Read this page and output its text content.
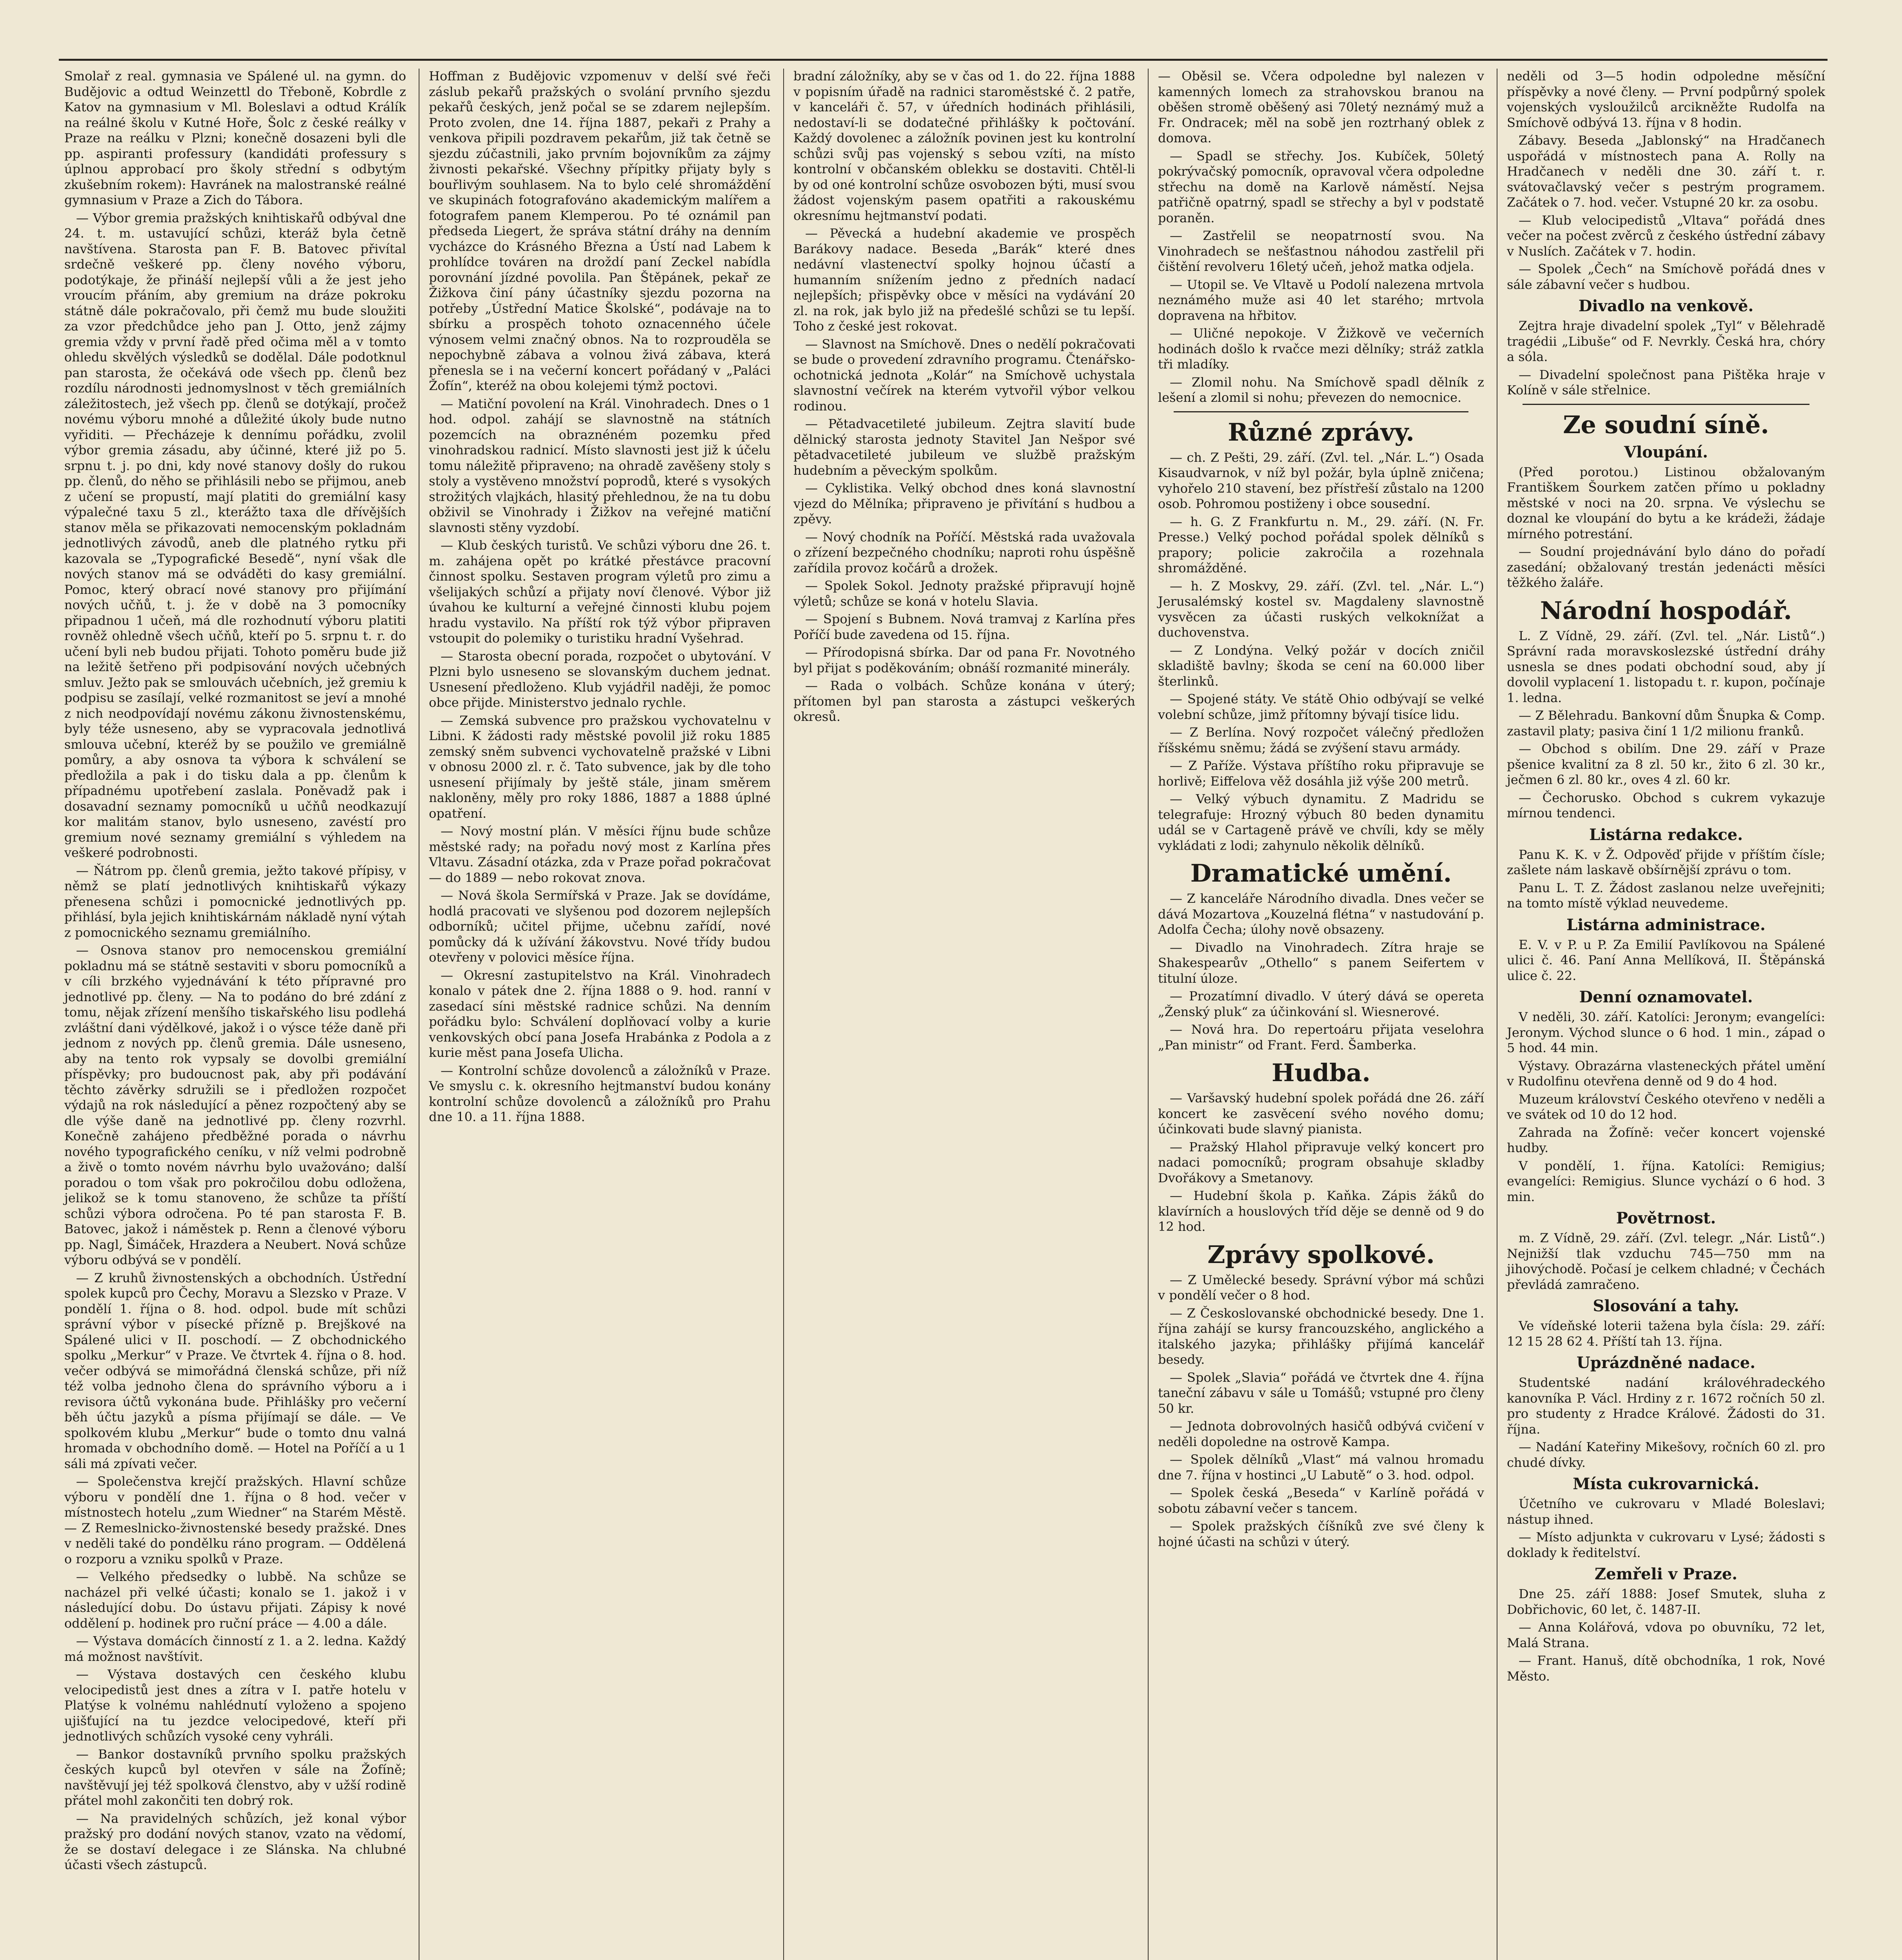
Smolař z real. gymnasia ve Spálené ul. na gymn. do Budějovic a odtud Weinzettl do Třeboně, Kobrdle z Katov na gymnasium v Ml. Boleslavi a odtud Králík na reálné školu v Kutné Hoře, Šolc z české reálky v Praze na reálku v Plzni; konečně dosazeni byli dle pp. aspiranti professury (kandidáti professury s úplnou approbací pro školy střední s odbytým zkušebním rokem): Havránek na malostranské reálné gymnasium v Praze a Zich do Tábora.

— Výbor gremia pražských knihtiskařů odbýval dne 24. t. m. ustavující schůzi, kteráž byla četně navštívena. Starosta pan F. B. Batovec přivítal srdečně veškeré pp. členy nového výboru, podotýkaje, že přináší nejlepší vůli a že jest jeho vroucím přáním, aby gremium na dráze pokroku státně dále pokračovalo, při čemž mu bude sloužiti za vzor předchůdce jeho pan J. Otto, jenž zájmy gremia vždy v první řadě před očima měl a v tomto ohledu skvělých výsledků se dodělal. Dále podotknul pan starosta, že očekává ode všech pp. členů bez rozdílu národnosti jednomyslnost v těch gremiálních záležitostech, jež všech pp. členů se dotýkají, pročež novému výboru mnohé a důležité úkoly bude nutno vyřiditi. — Přecházeje k dennímu pořádku, zvolil výbor gremia zásadu, aby účinné, které již po 5. srpnu t. j. po dni, kdy nové stanovy došly do rukou pp. členů, do něho se přihlásili nebo se přijmou, aneb z učení se propustí, mají platiti do gremiální kasy výpalečné taxu 5 zl., kterážto taxa dle dřívějších stanov měla se přikazovati nemocenským pokladnám jednotlivých závodů, aneb dle platného rytku při kazovala se „Typografické Besedě“, nyní však dle nových stanov má se odváděti do kasy gremiální. Pomoc, který obrací nové stanovy pro přijímání nových učňů, t. j. že v době na 3 pomocníky připadnou 1 učeň, má dle rozhodnutí výboru platiti rovněž ohledně všech učňů, kteří po 5. srpnu t. r. do učení byli neb budou přijati. Tohoto poměru bude již na ležitě šetřeno při podpisování nových učebných smluv. Ježto pak se smlouvách učebních, jež gremiu k podpisu se zasílají, velké rozmanitost se jeví a mnohé z nich neodpovídají novému zákonu živnostenskému, byly téže usneseno, aby se vypracovala jednotlivá smlouva učební, kteréž by se použilo ve gremiálně pomůry, a aby osnova ta výbora k schválení se předložila a pak i do tisku dala a pp. členům k případnému upotřebení zaslala. Poněvadž pak i dosavadní seznamy pomocníků u učňů neodkazují kor malitám stanov, bylo usneseno, zavéstí pro gremium nové seznamy gremiální s výhledem na veškeré podrobnosti.

— Ňátrom pp. členů gremia, ježto takové přípisy, v němž se platí jednotlivých knihtiskařů výkazy přenesena schůzi i pomocnické jednotlivých pp. přihlásí, byla jejich knihtiskárnám nákladě nyní výtah z pomocnického seznamu gremiálního.

— Osnova stanov pro nemocenskou gremiální pokladnu má se státně sestaviti v sboru pomocníků a v cíli brzkého vyjednávání k této přípravné pro jednotlivé pp. členy. — Na to podáno do bré zdání z tomu, nějak zřízení menšího tiskařského lisu podlehá zvláštní dani výdělkové, jakož i o výsce téže daně při jednom z nových pp. členů gremia. Dále usneseno, aby na tento rok vypsaly se dovolbi gremiální příspěvky; pro budoucnost pak, aby při podávání těchto závěrky sdružili se i předložen rozpočet výdajů na rok následující a pěnez rozpočtený aby se dle výše daně na jednotlivé pp. členy rozvrhl. Konečně zahájeno předběžné porada o návrhu nového typografického ceníku, v níž velmi podrobně a živě o tomto novém návrhu bylo uvažováno; další poradou o tom však pro pokročilou dobu odložena, jelikož se k tomu stanoveno, že schůze ta příští schůzi výbora odročena. Po té pan starosta F. B. Batovec, jakož i náměstek p. Renn a členové výboru pp. Nagl, Šimáček, Hrazdera a Neubert. Nová schůze výboru odbývá se v pondělí.

— Z kruhů živnostenských a obchodních. Ústřední spolek kupců pro Čechy, Moravu a Slezsko v Praze. V pondělí 1. října o 8. hod. odpol. bude mít schůzi správní výbor v písecké přízně p. Brejškové na Spálené ulici v II. poschodí. — Z obchodnického spolku „Merkur“ v Praze. Ve čtvrtek 4. října o 8. hod. večer odbývá se mimořádná členská schůze, při níž též volba jednoho člena do správního výboru a i revisora účtů vykonána bude. Přihlášky pro večerní běh účtu jazyků a písma přijímají se dále. — Ve spolkovém klubu „Merkur“ bude o tomto dnu valná hromada v obchodního domě. — Hotel na Poříčí a u 1 sáli má zpívati večer.

— Společenstva krejčí pražských. Hlavní schůze výboru v pondělí dne 1. října o 8 hod. večer v místnostech hotelu „zum Wiedner“ na Starém Městě. — Z Remeslnicko-živnostenské besedy pražské. Dnes v neděli také do pondělku ráno program. — Oddělená o rozporu a vzniku spolků v Praze.

— Velkého předsedky o lubbě. Na schůze se nacházel při velké účasti; konalo se 1. jakož i v následující dobu. Do ústavu přijati. Zápisy k nové oddělení p. hodinek pro ruční práce — 4.00 a dále.

— Výstava domácích činností z 1. a 2. ledna. Každý má možnost navštívit.

— Výstava dostavých cen českého klubu velocipedistů jest dnes a zítra v I. patře hotelu v Platýse k volnému nahlédnutí vyloženo a spojeno ujišťující na tu jezdce velocipedové, kteří při jednotlivých schůzích vysoké ceny vyhráli.

— Bankor dostavníků prvního spolku pražských českých kupců byl otevřen v sále na Žofíně; navštěvují jej též spolková členstvo, aby v užší rodině přátel mohl zakončiti ten dobrý rok.

— Na pravidelných schůzích, jež konal výbor pražský pro dodání nových stanov, vzato na vědomí, že se dostaví delegace i ze Slánska. Na chlubné účasti všech zástupců.

Hoffman z Budějovic vzpomenuv v delší své řeči záslub pekařů pražských o svolání prvního sjezdu pekařů českých, jenž počal se se zdarem nejlepším. Proto zvolen, dne 14. října 1887, pekaři z Prahy a venkova připili pozdravem pekařům, již tak četně se sjezdu zúčastnili, jako prvním bojovníkům za zájmy živnosti pekařské. Všechny přípitky přijaty byly s bouřlivým souhlasem. Na to bylo celé shromáždění ve skupinách fotografováno akademickým malířem a fotografem panem Klemperou. Po té oznámil pan předseda Liegert, že správa státní dráhy na denním vycházce do Krásného Března a Ústí nad Labem k prohlídce továren na droždí paní Zeckel nabídla porovnání jízdné povolila. Pan Štěpánek, pekař ze Žižkova činí pány účastníky sjezdu pozorna na potřeby „Ústřední Matice Školské“, podávaje na to sbírku a prospěch tohoto oznacenného účele výnosem velmi značný obnos. Na to rozprouděla se nepochybně zábava a volnou živá zábava, která přenesla se i na večerní koncert pořádaný v „Paláci Žofín“, kteréž na obou kolejemi týmž poctovi.

— Matiční povolení na Král. Vinohradech. Dnes o 1 hod. odpol. zahájí se slavnostně na státních pozemcích na obraznéném pozemku před vinohradskou radnicí. Místo slavnosti jest již k účelu tomu náležitě připraveno; na ohradě zavěšeny stoly s stoly a vystěveno množství poprodů, které s vysokých strožitých vlajkách, hlasitý přehlednou, že na tu dobu obživil se Vinohrady i Žižkov na veřejné matiční slavnosti stěny vyzdobí.

— Klub českých turistů. Ve schůzi výboru dne 26. t. m. zahájena opět po krátké přestávce pracovní činnost spolku. Sestaven program výletů pro zimu a všelijakých schůzí a přijaty noví členové. Výbor již úvahou ke kulturní a veřejné činnosti klubu pojem hradu vystavilo. Na příští rok týž výbor připraven vstoupit do polemiky o turistiku hradní Vyšehrad.

— Starosta obecní porada, rozpočet o ubytování. V Plzni bylo usneseno se slovanským duchem jednat. Usnesení předloženo. Klub vyjádřil naději, že pomoc obce přijde. Ministerstvo jednalo rychle.

— Zemská subvence pro pražskou vychovatelnu v Libni. K žádosti rady městské povolil již roku 1885 zemský sněm subvenci vychovatelně pražské v Libni v obnosu 2000 zl. r. č. Tato subvence, jak by dle toho usnesení přijímaly by ještě stále, jinam směrem nakloněny, měly pro roky 1886, 1887 a 1888 úplné opatření.

— Nový mostní plán. V měsíci říjnu bude schůze městské rady; na pořadu nový most z Karlína přes Vltavu. Zásadní otázka, zda v Praze pořad pokračovat — do 1889 — nebo rokovat znova.

— Nová škola Sermířská v Praze. Jak se dovídáme, hodlá pracovati ve slyšenou pod dozorem nejlepších odborníků; učitel přijme, učebnu zařídí, nové pomůcky dá k užívání žákovstvu. Nové třídy budou otevřeny v polovici měsíce října.

— Okresní zastupitelstvo na Král. Vinohradech konalo v pátek dne 2. října 1888 o 9. hod. ranní v zasedací síni městské radnice schůzi. Na denním pořádku bylo: Schválení doplňovací volby a kurie venkovských obcí pana Josefa Hrabánka z Podola a z kurie měst pana Josefa Ulicha.

— Kontrolní schůze dovolenců a záložníků v Praze. Ve smyslu c. k. okresního hejtmanství budou konány kontrolní schůze dovolenců a záložníků pro Prahu dne 10. a 11. října 1888.

bradní záložníky, aby se v čas od 1. do 22. října 1888 v popisním úřadě na radnici staroměstské č. 2 patře, v kanceláři č. 57, v úředních hodinách přihlásili, nedostaví-li se dodatečné přihlášky k počtování. Každý dovolenec a záložník povinen jest ku kontrolní schůzi svůj pas vojenský s sebou vzíti, na místo kontrolní v občanském oblekku se dostaviti. Chtěl-li by od oné kontrolní schůze osvobozen býti, musí svou žádost vojenským pasem opatřiti a rakouskému okresnímu hejtmanství podati.

— Pěvecká a hudební akademie ve prospěch Barákovy nadace. Beseda „Barák“ které dnes nedávní vlastenectví spolky hojnou účastí a humanním snížením jedno z předních nadací nejlepších; přispěvky obce v měsíci na vydávání 20 zl. na rok, jak bylo již na předešlé schůzi se tu lepší. Toho z české jest rokovat.

— Slavnost na Smíchově. Dnes o nedělí pokračovati se bude o provedení zdravního programu. Čtenářsko-ochotnická jednota „Kolár“ na Smíchově uchystala slavnostní večírek na kterém vytvořil výbor velkou rodinou.

— Pětadvacetileté jubileum. Zejtra slavití bude dělnický starosta jednoty Stavitel Jan Nešpor své pětadvacetileté jubileum ve službě pražským hudebním a pěveckým spolkům.

— Cyklistika. Velký obchod dnes koná slavnostní vjezd do Mělníka; připraveno je přivítání s hudbou a zpěvy.

— Nový chodník na Poříčí. Městská rada uvažovala o zřízení bezpečného chodníku; naproti rohu úspěšně zařídila provoz kočárů a drožek.

— Spolek Sokol. Jednoty pražské připravují hojně výletů; schůze se koná v hotelu Slavia.

— Spojení s Bubnem. Nová tramvaj z Karlína přes Poříčí bude zavedena od 15. října.

— Přírodopisná sbírka. Dar od pana Fr. Novotného byl přijat s poděkováním; obnáší rozmanité minerály.

— Rada o volbách. Schůze konána v úterý; přítomen byl pan starosta a zástupci veškerých okresů.

— Oběsil se. Včera odpoledne byl nalezen v kamenných lomech za strahovskou branou na oběšen stromě oběšený asi 70letý neznámý muž a Fr. Ondracek; měl na sobě jen roztrhaný oblek z domova.

— Spadl se střechy. Jos. Kubíček, 50letý pokrývačský pomocník, opravoval včera odpoledne střechu na domě na Karlově náměstí. Nejsa patřičně opatrný, spadl se střechy a byl v podstatě poraněn.

— Zastřelil se neopatrností svou. Na Vinohradech se nešťastnou náhodou zastřelil při čištění revolveru 16letý učeň, jehož matka odjela.

— Utopil se. Ve Vltavě u Podolí nalezena mrtvola neznámého muže asi 40 let starého; mrtvola dopravena na hřbitov.

— Uličné nepokoje. V Žižkově ve večerních hodinách došlo k rvačce mezi dělníky; stráž zatkla tři mladíky.

— Zlomil nohu. Na Smíchově spadl dělník z lešení a zlomil si nohu; převezen do nemocnice.

Různé zprávy.

— ch. Z Pešti, 29. září. (Zvl. tel. „Nár. L.“) Osada Kisaudvarnok, v níž byl požár, byla úplně zničena; vyhořelo 210 stavení, bez přístřeší zůstalo na 1200 osob. Pohromou postiženy i obce sousední.

— h. G. Z Frankfurtu n. M., 29. září. (N. Fr. Presse.) Velký pochod pořádal spolek dělníků s prapory; policie zakročila a rozehnala shromážděné.

— h. Z Moskvy, 29. září. (Zvl. tel. „Nár. L.“) Jerusalémský kostel sv. Magdaleny slavnostně vysvěcen za účasti ruských velkoknížat a duchovenstva.

— Z Londýna. Velký požár v docích zničil skladiště bavlny; škoda se cení na 60.000 liber šterlinků.

— Spojené státy. Ve státě Ohio odbývají se velké volební schůze, jimž přítomny bývají tisíce lidu.

— Z Berlína. Nový rozpočet válečný předložen říšskému sněmu; žádá se zvýšení stavu armády.

— Z Paříže. Výstava příštího roku připravuje se horlivě; Eiffelova věž dosáhla již výše 200 metrů.

— Velký výbuch dynamitu. Z Madridu se telegrafuje: Hrozný výbuch 80 beden dynamitu udál se v Cartageně právě ve chvíli, kdy se měly vykládati z lodi; zahynulo několik dělníků.

Dramatické umění.

— Z kanceláře Národního divadla. Dnes večer se dává Mozartova „Kouzelná flétna“ v nastudování p. Adolfa Čecha; úlohy nově obsazeny.

— Divadlo na Vinohradech. Zítra hraje se Shakespearův „Othello“ s panem Seifertem v titulní úloze.

— Prozatímní divadlo. V úterý dává se opereta „Ženský pluk“ za účinkování sl. Wiesnerové.

— Nová hra. Do repertoáru přijata veselohra „Pan ministr“ od Frant. Ferd. Šamberka.

Hudba.

— Varšavský hudební spolek pořádá dne 26. září koncert ke zasvěcení svého nového domu; účinkovati bude slavný pianista.

— Pražský Hlahol připravuje velký koncert pro nadaci pomocníků; program obsahuje skladby Dvořákovy a Smetanovy.

— Hudební škola p. Kaňka. Zápis žáků do klavírních a houslových tříd děje se denně od 9 do 12 hod.

Zprávy spolkové.

— Z Umělecké besedy. Správní výbor má schůzi v pondělí večer o 8 hod.

— Z Českoslovanské obchodnické besedy. Dne 1. října zahájí se kursy francouzského, anglického a italského jazyka; přihlášky přijímá kancelář besedy.

— Spolek „Slavia“ pořádá ve čtvrtek dne 4. října taneční zábavu v sále u Tomášů; vstupné pro členy 50 kr.

— Jednota dobrovolných hasičů odbývá cvičení v neděli dopoledne na ostrově Kampa.

— Spolek dělníků „Vlast“ má valnou hromadu dne 7. října v hostinci „U Labutě“ o 3. hod. odpol.

— Spolek česká „Beseda“ v Karlíně pořádá v sobotu zábavní večer s tancem.

— Spolek pražských číšníků zve své členy k hojné účasti na schůzi v úterý.

neděli od 3—5 hodin odpoledne měsíční příspěvky a nové členy. — První podpůrný spolek vojenských vysloužilců arcikněžte Rudolfa na Smíchově odbývá 13. října v 8 hodin.

Zábavy. Beseda „Jablonský“ na Hradčanech uspořádá v místnostech pana A. Rolly na Hradčanech v neděli dne 30. září t. r. svátovačlavský večer s pestrým programem. Začátek o 7. hod. večer. Vstupné 20 kr. za osobu.

— Klub velocipedistů „Vltava“ pořádá dnes večer na počest zvěrců z českého ústřední zábavy v Nuslích. Začátek v 7. hodin.

— Spolek „Čech“ na Smíchově pořádá dnes v sále zábavní večer s hudbou.

Divadlo na venkově.

Zejtra hraje divadelní spolek „Tyl“ v Bělehradě tragédii „Libuše“ od F. Nevrkly. Česká hra, chóry a sóla.

— Divadelní společnost pana Pištěka hraje v Kolíně v sále střelnice.

Ze soudní síně.
Vloupání.

(Před porotou.) Listinou obžalovaným Františkem Šourkem zatčen přímo u pokladny městské v noci na 20. srpna. Ve výslechu se doznal ke vloupání do bytu a ke krádeži, žádaje mírného potrestání.

— Soudní projednávání bylo dáno do pořadí zasedání; obžalovaný trestán jedenácti měsíci těžkého žaláře.

Národní hospodář.

L. Z Vídně, 29. září. (Zvl. tel. „Nár. Listů“.) Správní rada moravskoslezské ústřední dráhy usnesla se dnes podati obchodní soud, aby jí dovolil vyplacení 1. listopadu t. r. kupon, počínaje 1. ledna.

— Z Bělehradu. Bankovní dům Šnupka & Comp. zastavil platy; pasiva činí 1 1/2 milionu franků.

— Obchod s obilím. Dne 29. září v Praze pšenice kvalitní za 8 zl. 50 kr., žito 6 zl. 30 kr., ječmen 6 zl. 80 kr., oves 4 zl. 60 kr.

— Čechorusko. Obchod s cukrem vykazuje mírnou tendenci.

Listárna redakce.

Panu K. K. v Ž. Odpověď přijde v příštím čísle; zašlete nám laskavě obšírnější zprávu o tom.

Panu L. T. Z. Žádost zaslanou nelze uveřejniti; na tomto místě výklad neuvedeme.

Listárna administrace.

E. V. v P. u P. Za Emilií Pavlíkovou na Spálené ulici č. 46. Paní Anna Mellíková, II. Štěpánská ulice č. 22.

Denní oznamovatel.

V neděli, 30. září. Katolíci: Jeronym; evangelíci: Jeronym. Východ slunce o 6 hod. 1 min., západ o 5 hod. 44 min.

Výstavy. Obrazárna vlasteneckých přátel umění v Rudolfinu otevřena denně od 9 do 4 hod.

Muzeum království Českého otevřeno v neděli a ve svátek od 10 do 12 hod.

Zahrada na Žofíně: večer koncert vojenské hudby.

V pondělí, 1. října. Katolíci: Remigius; evangelíci: Remigius. Slunce vychází o 6 hod. 3 min.

Povětrnost.

m. Z Vídně, 29. září. (Zvl. telegr. „Nár. Listů“.) Nejnižší tlak vzduchu 745—750 mm na jihovýchodě. Počasí je celkem chladné; v Čechách převládá zamračeno.

Slosování a tahy.

Ve vídeňské loterii tažena byla čísla: 29. září: 12 15 28 62 4. Příští tah 13. října.

Uprázdněné nadace.

Studentské nadání královéhradeckého kanovníka P. Václ. Hrdiny z r. 1672 ročních 50 zl. pro studenty z Hradce Králové. Žádosti do 31. října.

— Nadání Kateřiny Mikešovy, ročních 60 zl. pro chudé dívky.

Místa cukrovarnická.

Účetního ve cukrovaru v Mladé Boleslavi; nástup ihned.

— Místo adjunkta v cukrovaru v Lysé; žádosti s doklady k ředitelství.

Zemřeli v Praze.

Dne 25. září 1888: Josef Smutek, sluha z Dobřichovic, 60 let, č. 1487-II.

— Anna Kolářová, vdova po obuvníku, 72 let, Malá Strana.

— Frant. Hanuš, dítě obchodníka, 1 rok, Nové Město.
